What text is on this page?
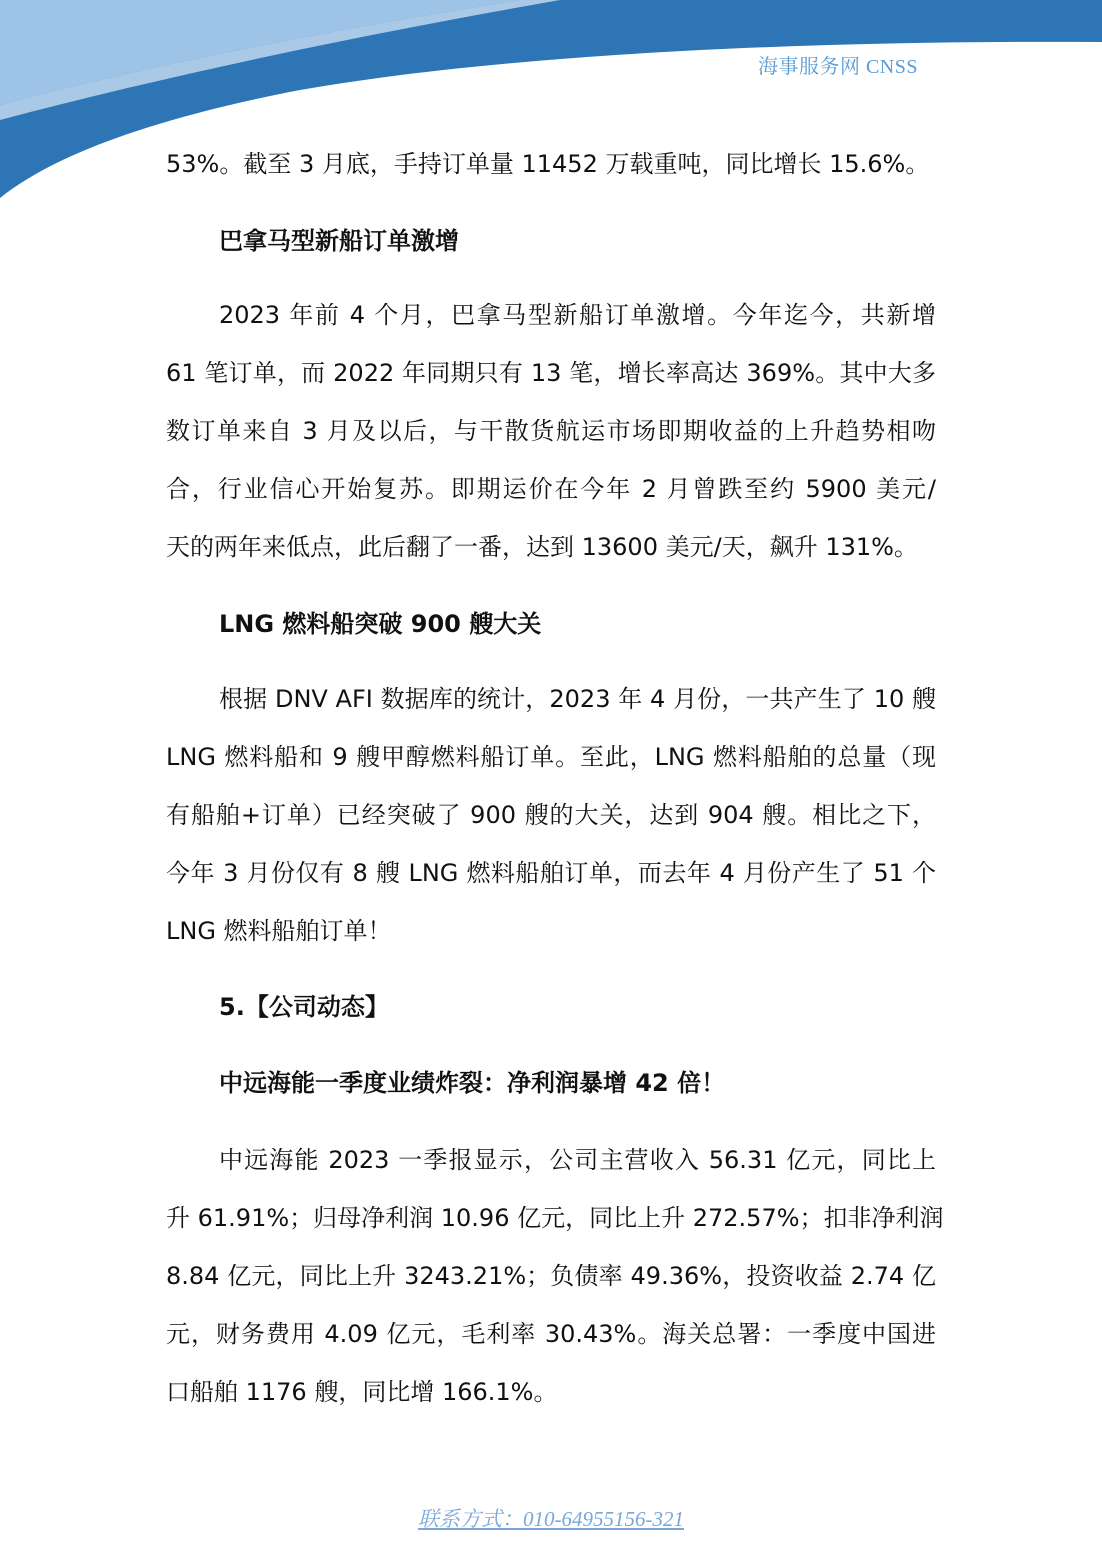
海事服务网 CNSS
53%。截至 3 月底，手持订单量 11452 万载重吨，同比增长 15.6%。
巴拿马型新船订单激增
2023 年前 4 个月，巴拿马型新船订单激增。今年迄今，共新增
61 笔订单，而 2022 年同期只有 13 笔，增长率高达 369%。其中大多
数订单来自 3 月及以后，与干散货航运市场即期收益的上升趋势相吻
合，行业信心开始复苏。即期运价在今年 2 月曾跌至约 5900 美元/
天的两年来低点，此后翻了一番，达到 13600 美元/天，飙升 131%。
LNG 燃料船突破 900 艘大关
根据 DNV AFI 数据库的统计，2023 年 4 月份，一共产生了 10 艘
LNG 燃料船和 9 艘甲醇燃料船订单。至此，LNG 燃料船舶的总量（现
有船舶+订单）已经突破了 900 艘的大关，达到 904 艘。相比之下，
今年 3 月份仅有 8 艘 LNG 燃料船舶订单，而去年 4 月份产生了 51 个
LNG 燃料船舶订单！
5.【公司动态】
中远海能一季度业绩炸裂：净利润暴增 42 倍！
中远海能 2023 一季报显示，公司主营收入 56.31 亿元，同比上
升 61.91%；归母净利润 10.96 亿元，同比上升 272.57%；扣非净利润
8.84 亿元，同比上升 3243.21%；负债率 49.36%，投资收益 2.74 亿
元，财务费用 4.09 亿元，毛利率 30.43%。海关总署：一季度中国进
口船舶 1176 艘，同比增 166.1%。
联系方式：010-64955156-321
